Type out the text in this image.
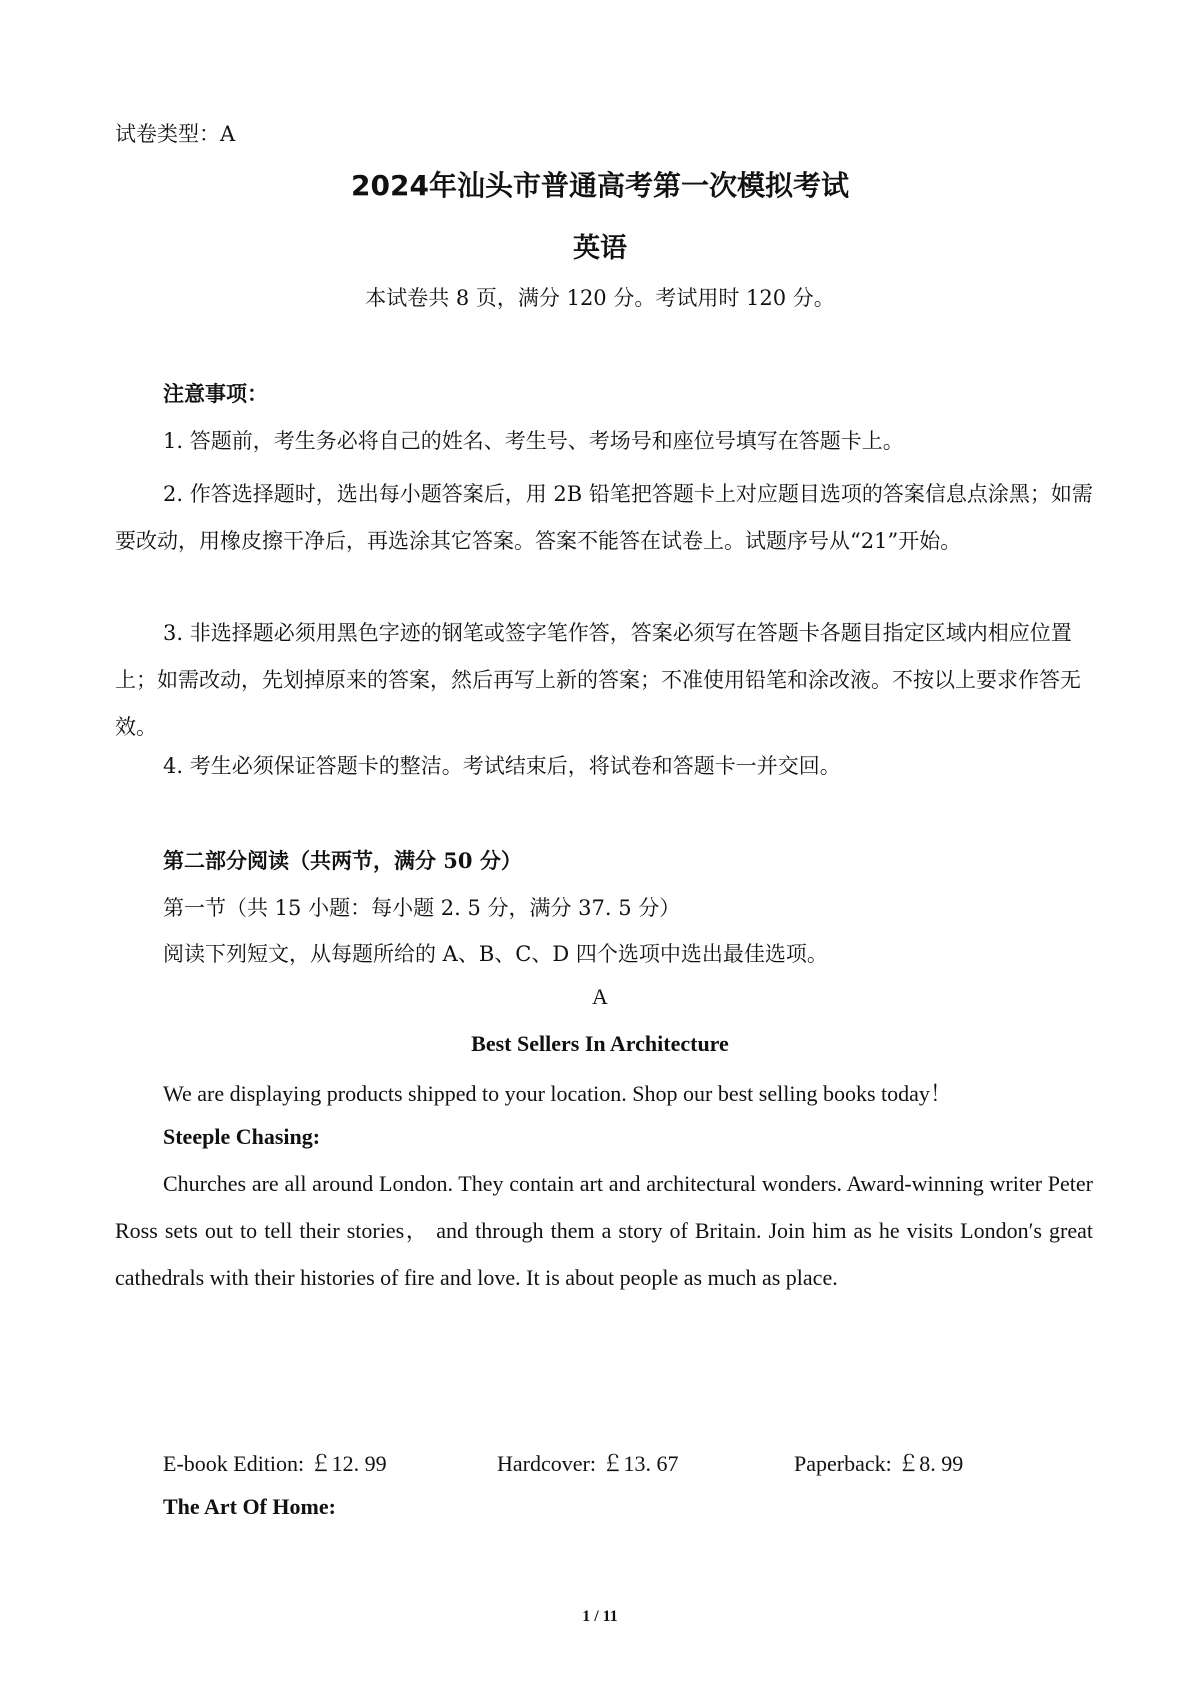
试卷类型：A
2024年汕头市普通高考第一次模拟考试
英语
本试卷共 8 页，满分 120 分。考试用时 120 分。
注意事项：
1. 答题前，考生务必将自己的姓名、考生号、考场号和座位号填写在答题卡上。
2. 作答选择题时，选出每小题答案后，用 2B 铅笔把答题卡上对应题目选项的答案信息点涂黑；如需要改动，用橡皮擦干净后，再选涂其它答案。答案不能答在试卷上。试题序号从“21”开始。
3. 非选择题必须用黑色字迹的钢笔或签字笔作答，答案必须写在答题卡各题目指定区域内相应位置上；如需改动，先划掉原来的答案，然后再写上新的答案；不准使用铅笔和涂改液。不按以上要求作答无效。
4. 考生必须保证答题卡的整洁。考试结束后，将试卷和答题卡一并交回。
第二部分阅读（共两节，满分 50 分）
第一节（共 15 小题：每小题 2. 5 分，满分 37. 5 分）
阅读下列短文，从每题所给的 A、B、C、D 四个选项中选出最佳选项。
A
Best Sellers In Architecture
We are displaying products shipped to your location. Shop our best selling books today！
Steeple Chasing:
Churches are all around London. They contain art and architectural wonders. Award-winning writer Peter Ross sets out to tell their stories， and through them a story of Britain. Join him as he visits London′s great cathedrals with their histories of fire and love. It is about people as much as place.
E-book Edition: ￡12. 99	Hardcover: ￡13. 67	Paperback: ￡8. 99
The Art Of Home:
1 / 11
